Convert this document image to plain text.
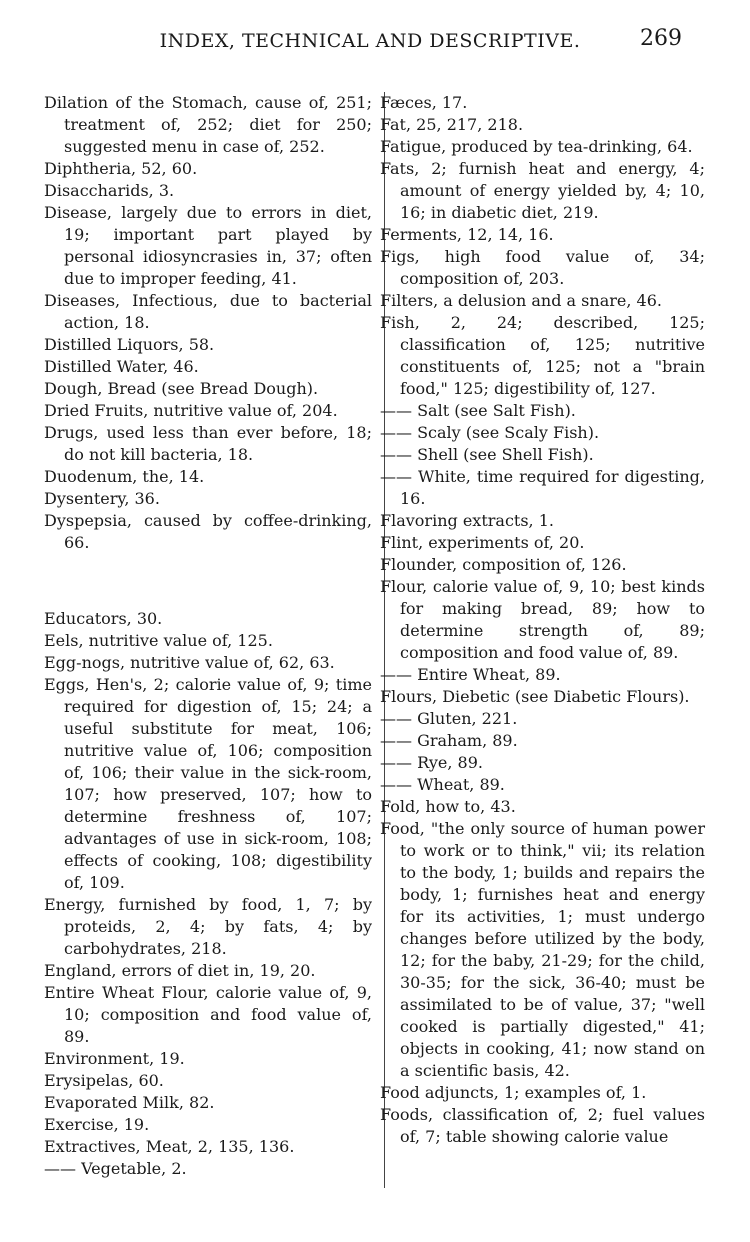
INDEX, TECHNICAL AND DESCRIPTIVE.	269

Dilation of the Stomach, cause of, 251; treatment of, 252; diet for 250; suggested menu in case of, 252.

Diphtheria, 52, 60.

Disaccharids, 3.

Disease, largely due to errors in diet, 19; important part played by personal idiosyncrasies in, 37; often due to improper feeding, 41.

Diseases, Infectious, due to bacterial action, 18.

Distilled Liquors, 58.

Distilled Water, 46.

Dough, Bread (see Bread Dough).

Dried Fruits, nutritive value of, 204.

Drugs, used less than ever before, 18; do not kill bacteria, 18.

Duodenum, the, 14.

Dysentery, 36.

Dyspepsia, caused by coffee-drinking, 66.

Educators, 30.

Eels, nutritive value of, 125.

Egg-nogs, nutritive value of, 62, 63.

Eggs, Hen's, 2; calorie value of, 9; time required for digestion of, 15; 24; a useful substitute for meat, 106; nutritive value of, 106; composition of, 106; their value in the sick-room, 107; how preserved, 107; how to determine freshness of, 107; advantages of use in sick-room, 108; effects of cooking, 108; digestibility of, 109.

Energy, furnished by food, 1, 7; by proteids, 2, 4; by fats, 4; by carbohydrates, 218.

England, errors of diet in, 19, 20.

Entire Wheat Flour, calorie value of, 9, 10; composition and food value of, 89.

Environment, 19.

Erysipelas, 60.

Evaporated Milk, 82.

Exercise, 19.

Extractives, Meat, 2, 135, 136.

—— Vegetable, 2.

Fæces, 17.

Fat, 25, 217, 218.

Fatigue, produced by tea-drinking, 64.

Fats, 2; furnish heat and energy, 4; amount of energy yielded by, 4; 10, 16; in diabetic diet, 219.

Ferments, 12, 14, 16.

Figs, high food value of, 34; composition of, 203.

Filters, a delusion and a snare, 46.

Fish, 2, 24; described, 125; classification of, 125; nutritive constituents of, 125; not a "brain food," 125; digestibility of, 127.

—— Salt (see Salt Fish).

—— Scaly (see Scaly Fish).

—— Shell (see Shell Fish).

—— White, time required for digesting, 16.

Flavoring extracts, 1.

Flint, experiments of, 20.

Flounder, composition of, 126.

Flour, calorie value of, 9, 10; best kinds for making bread, 89; how to determine strength of, 89; composition and food value of, 89.

—— Entire Wheat, 89.

Flours, Diebetic (see Diabetic Flours).

—— Gluten, 221.

—— Graham, 89.

—— Rye, 89.

—— Wheat, 89.

Fold, how to, 43.

Food, "the only source of human power to work or to think," vii; its relation to the body, 1; builds and repairs the body, 1; furnishes heat and energy for its activities, 1; must undergo changes before utilized by the body, 12; for the baby, 21-29; for the child, 30-35; for the sick, 36-40; must be assimilated to be of value, 37; "well cooked is partially digested," 41; objects in cooking, 41; now stand on a scientific basis, 42.

Food adjuncts, 1; examples of, 1.

Foods, classification of, 2; fuel values of, 7; table showing calorie value
